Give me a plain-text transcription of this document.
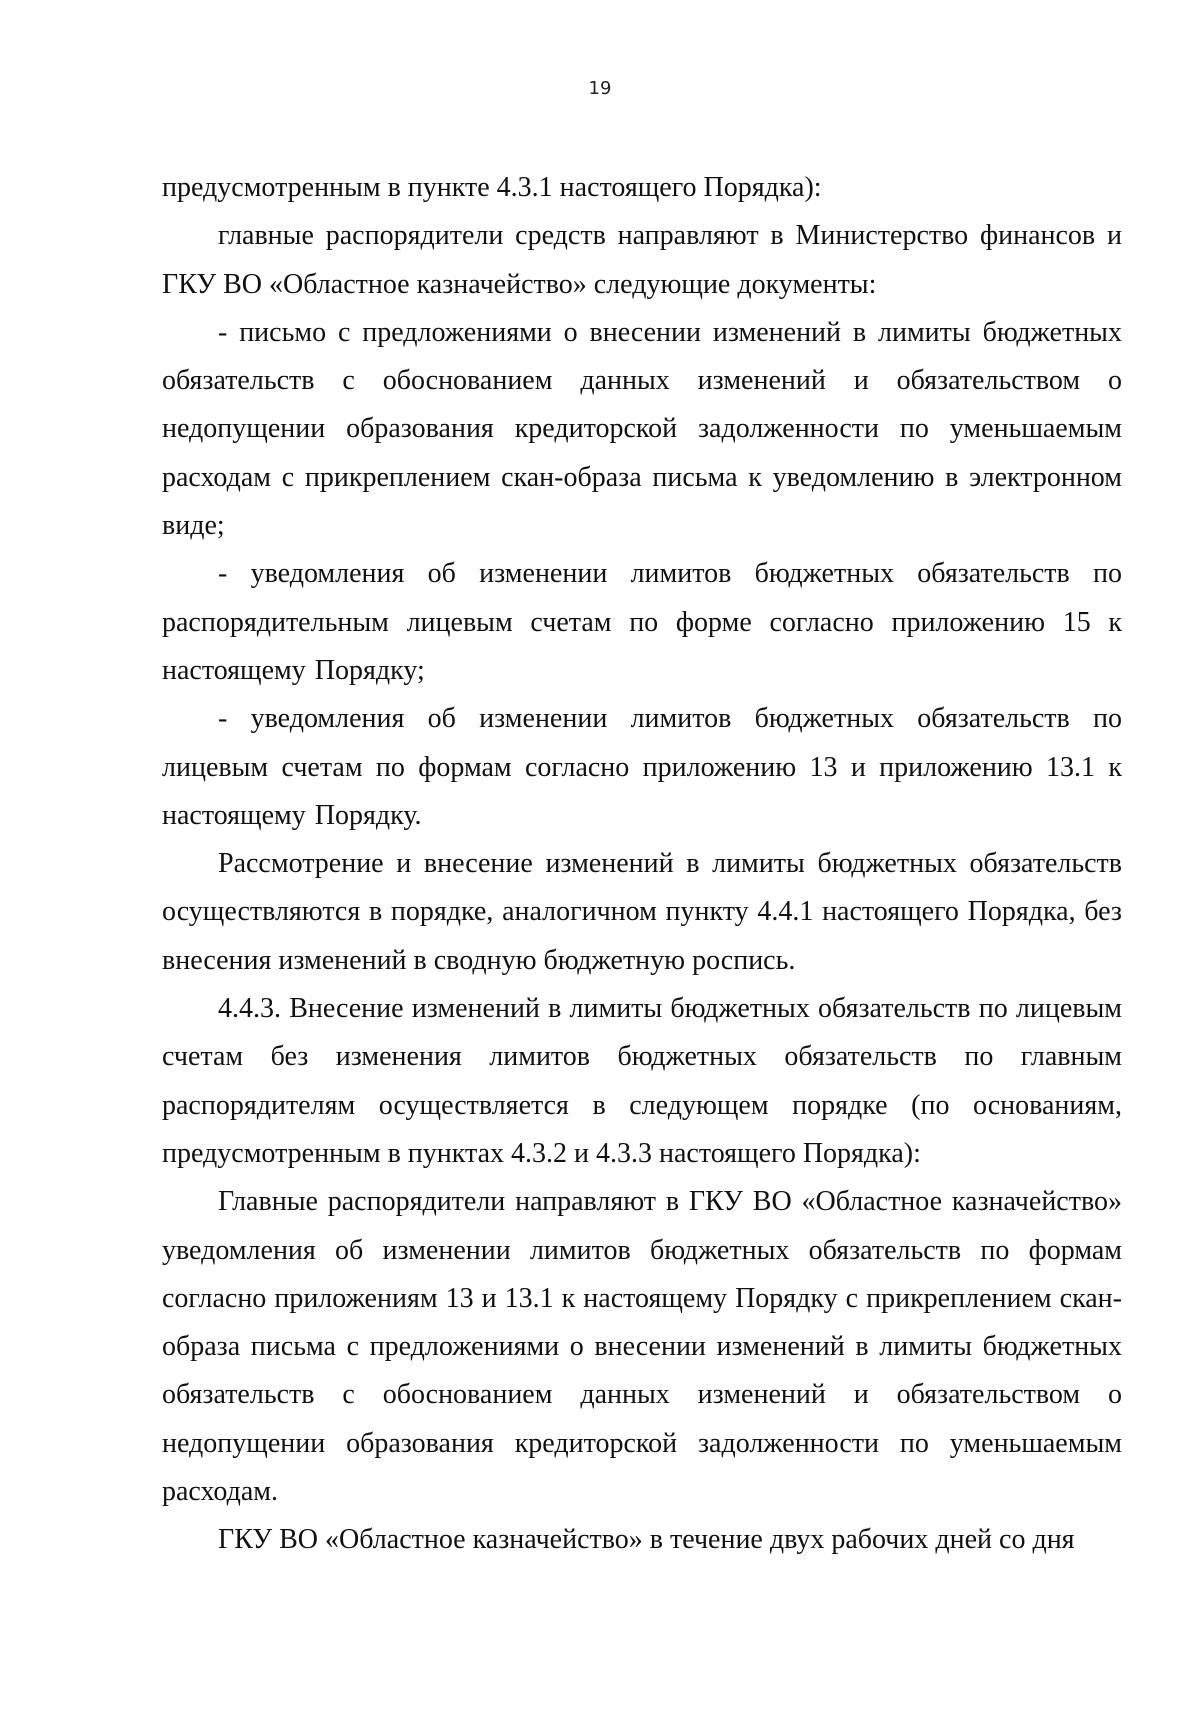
19

предусмотренным в пункте 4.3.1 настоящего Порядка):

главные распорядители средств направляют в Министерство финансов и ГКУ ВО «Областное казначейство» следующие документы:

- письмо с предложениями о внесении изменений в лимиты бюджетных обязательств с обоснованием данных изменений и обязательством о недопущении образования кредиторской задолженности по уменьшаемым расходам с прикреплением скан-образа письма к уведомлению в электронном виде;

- уведомления об изменении лимитов бюджетных обязательств по распорядительным лицевым счетам по форме согласно приложению 15 к настоящему Порядку;

- уведомления об изменении лимитов бюджетных обязательств по лицевым счетам по формам согласно приложению 13 и приложению 13.1 к настоящему Порядку.

Рассмотрение и внесение изменений в лимиты бюджетных обязательств осуществляются в порядке, аналогичном пункту 4.4.1 настоящего Порядка, без внесения изменений в сводную бюджетную роспись.

4.4.3. Внесение изменений в лимиты бюджетных обязательств по лицевым счетам без изменения лимитов бюджетных обязательств по главным распорядителям осуществляется в следующем порядке (по основаниям, предусмотренным в пунктах 4.3.2 и 4.3.3 настоящего Порядка):

Главные распорядители направляют в ГКУ ВО «Областное казначейство» уведомления об изменении лимитов бюджетных обязательств по формам согласно приложениям 13 и 13.1 к настоящему Порядку с прикреплением скан-образа письма с предложениями о внесении изменений в лимиты бюджетных обязательств с обоснованием данных изменений и обязательством о недопущении образования кредиторской задолженности по уменьшаемым расходам.

ГКУ ВО «Областное казначейство» в течение двух рабочих дней со дня
